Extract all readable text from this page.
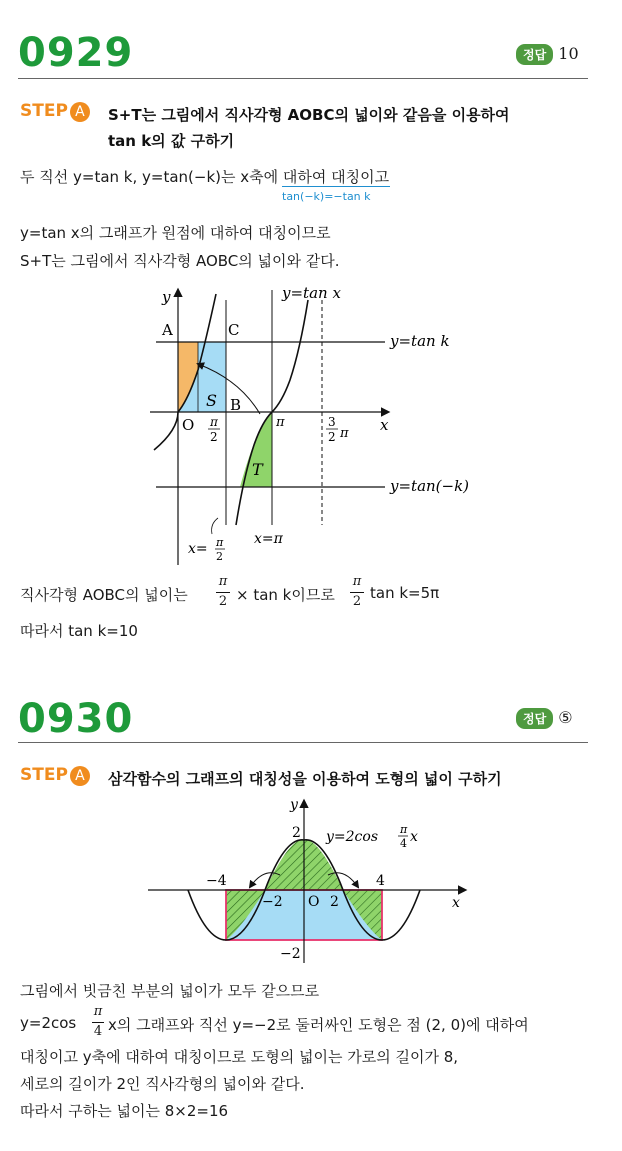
0929	정답 10
STEP A	S+T는 그림에서 직사각형 AOBC의 넓이와 같음을 이용하여
tan k의 값 구하기
두 직선 y=tan k, y=tan(−k)는 x축에 대하여 대칭이고
tan(−k)=−tan k
y=tan x의 그래프가 원점에 대하여 대칭이므로
S+T는 그림에서 직사각형 AOBC의 넓이와 같다.
y
x
y=tan x
y=tan k
y=tan(−k)
A	C
B
O
S
T
π
2
π	3
2 π
x= π
2
x=π
직사각형 AOBC의 넓이는
π
2 × tan k이므로
π
2 tan k=5π
따라서 tan k=10
0930	정답 ⑤
STEP A	삼각함수의 그래프의 대칭성을 이용하여 도형의 넓이 구하기
y
x
2 y=2cos π
4 x
−4	4
−2 O 2
−2
그림에서 빗금친 부분의 넓이가 모두 같으므로
y=2cos
π
4 x의 그래프와 직선 y=−2로 둘러싸인 도형은 점 (2, 0)에 대하여
대칭이고 y축에 대하여 대칭이므로 도형의 넓이는 가로의 길이가 8,
세로의 길이가 2인 직사각형의 넓이와 같다.
따라서 구하는 넓이는 8×2=16
